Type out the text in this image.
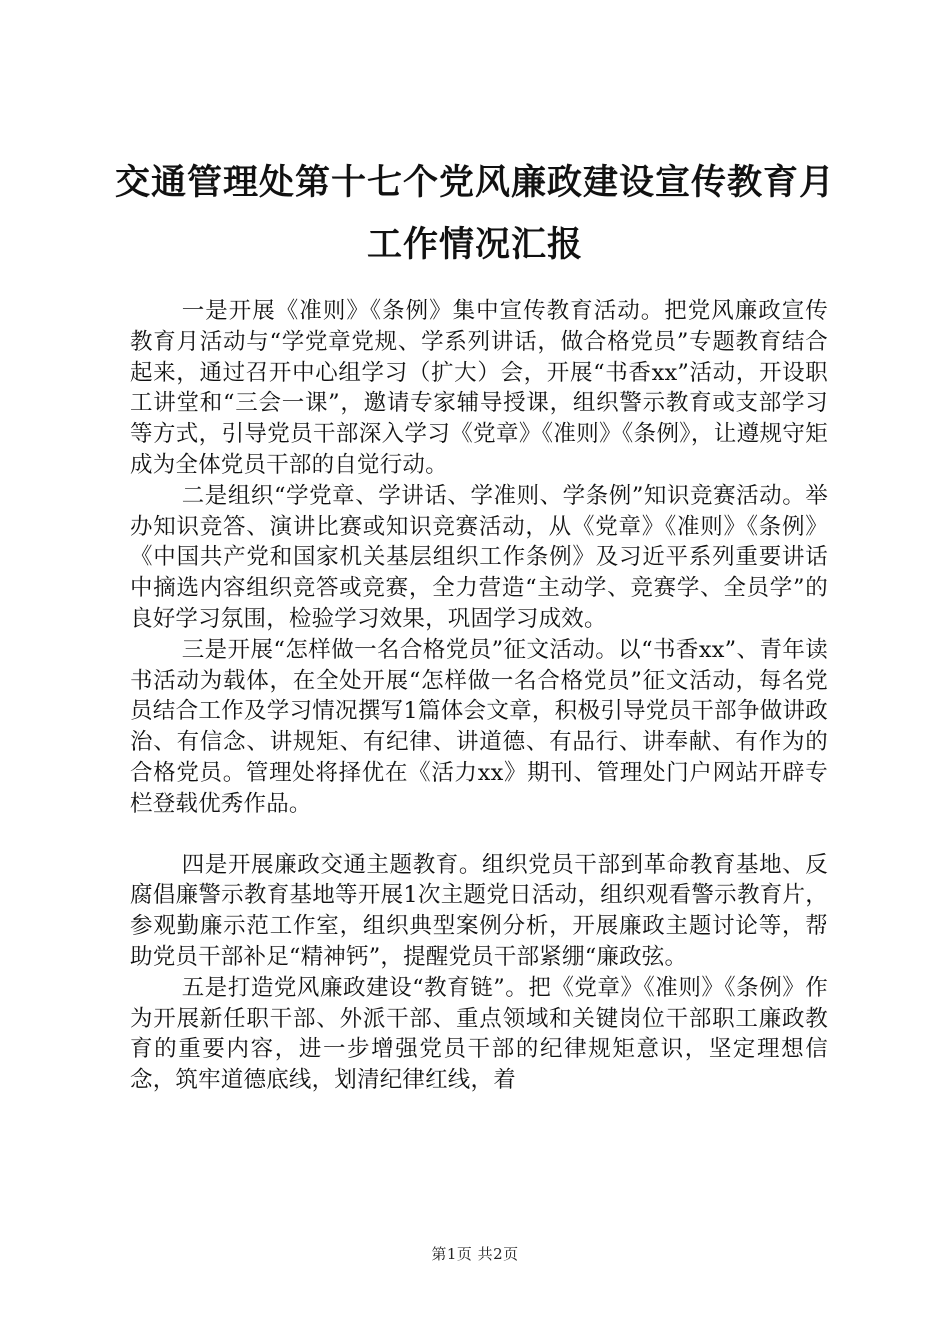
交通管理处第十七个党风廉政建设宣传教育月
工作情况汇报

一是开展《准则》《条例》集中宣传教育活动。把党风廉政宣传教育月活动与“学党章党规、学系列讲话，做合格党员”专题教育结合起来，通过召开中心组学习（扩大）会，开展“书香xx”活动，开设职工讲堂和“三会一课”，邀请专家辅导授课，组织警示教育或支部学习等方式，引导党员干部深入学习《党章》《准则》《条例》，让遵规守矩成为全体党员干部的自觉行动。

二是组织“学党章、学讲话、学准则、学条例”知识竞赛活动。举办知识竞答、演讲比赛或知识竞赛活动，从《党章》《准则》《条例》《中国共产党和国家机关基层组织工作条例》及习近平系列重要讲话中摘选内容组织竞答或竞赛，全力营造“主动学、竞赛学、全员学”的良好学习氛围，检验学习效果，巩固学习成效。

三是开展“怎样做一名合格党员”征文活动。以“书香xx”、青年读书活动为载体，在全处开展“怎样做一名合格党员”征文活动，每名党员结合工作及学习情况撰写1篇体会文章，积极引导党员干部争做讲政治、有信念、讲规矩、有纪律、讲道德、有品行、讲奉献、有作为的合格党员。管理处将择优在《活力xx》期刊、管理处门户网站开辟专栏登载优秀作品。

四是开展廉政交通主题教育。组织党员干部到革命教育基地、反腐倡廉警示教育基地等开展1次主题党日活动，组织观看警示教育片，参观勤廉示范工作室，组织典型案例分析，开展廉政主题讨论等，帮助党员干部补足“精神钙”，提醒党员干部紧绷“廉政弦。

五是打造党风廉政建设“教育链”。把《党章》《准则》《条例》作为开展新任职干部、外派干部、重点领域和关键岗位干部职工廉政教育的重要内容，进一步增强党员干部的纪律规矩意识，坚定理想信念，筑牢道德底线，划清纪律红线，着

第1页 共2页
